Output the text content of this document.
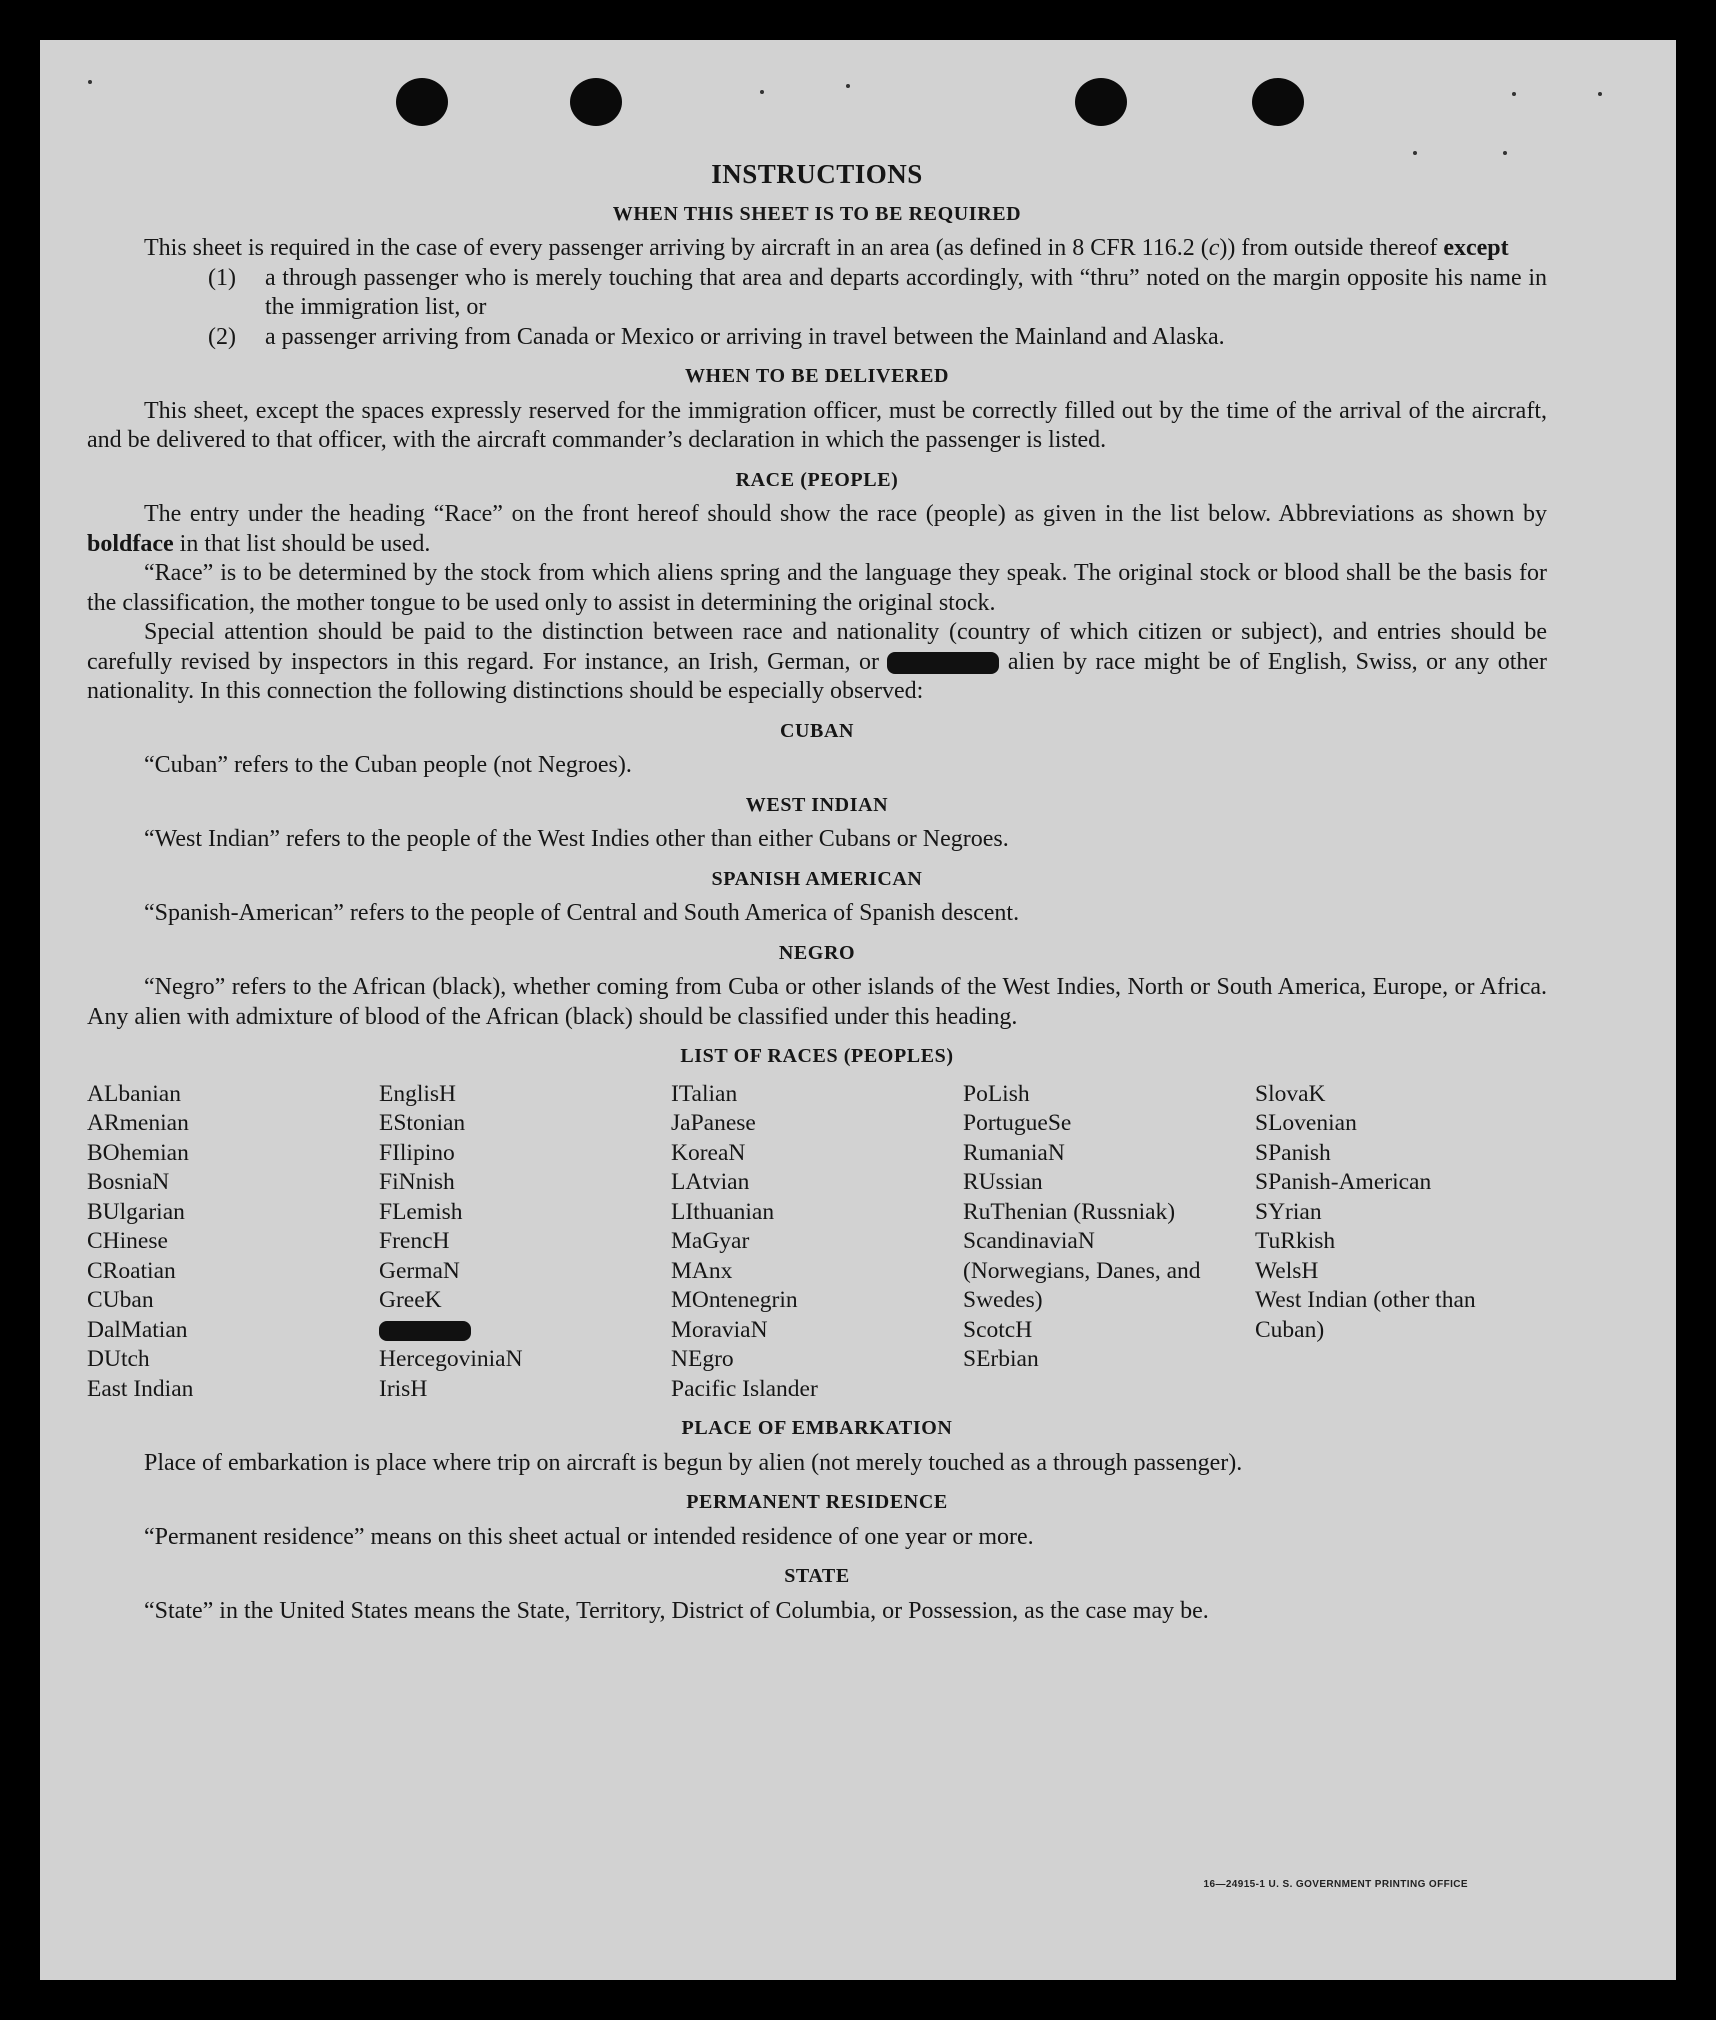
INSTRUCTIONS
WHEN THIS SHEET IS TO BE REQUIRED

This sheet is required in the case of every passenger arriving by aircraft in an area (as defined in 8 CFR 116.2 (c)) from outside thereof except

(1)	a through passenger who is merely touching that area and departs accordingly, with “thru” noted on the margin opposite his name in the immigration list, or
(2)	a passenger arriving from Canada or Mexico or arriving in travel between the Mainland and Alaska.
WHEN TO BE DELIVERED

This sheet, except the spaces expressly reserved for the immigration officer, must be correctly filled out by the time of the arrival of the aircraft, and be delivered to that officer, with the aircraft commander’s declaration in which the passenger is listed.

RACE (PEOPLE)

The entry under the heading “Race” on the front hereof should show the race (people) as given in the list below. Abbreviations as shown by boldface in that list should be used.

“Race” is to be determined by the stock from which aliens spring and the language they speak. The original stock or blood shall be the basis for the classification, the mother tongue to be used only to assist in determining the original stock.

Special attention should be paid to the distinction between race and nationality (country of which citizen or subject), and entries should be carefully revised by inspectors in this regard. For instance, an Irish, German, or	alien by race might be of English, Swiss, or any other nationality. In this connection the following distinctions should be especially observed:

CUBAN

“Cuban” refers to the Cuban people (not Negroes).

WEST INDIAN

“West Indian” refers to the people of the West Indies other than either Cubans or Negroes.

SPANISH AMERICAN

“Spanish-American” refers to the people of Central and South America of Spanish descent.

NEGRO

“Negro” refers to the African (black), whether coming from Cuba or other islands of the West Indies, North or South America, Europe, or Africa. Any alien with admixture of blood of the African (black) should be classified under this heading.

LIST OF RACES (PEOPLES)
ALbanian
ARmenian
BOhemian
BosniaN
BUlgarian
CHinese
CRoatian
CUban
DalMatian
DUtch
East Indian
EnglisH
EStonian
FIlipino
FiNnish
FLemish
FrencH
GermaN
GreeK
HercegoviniaN
IrisH
ITalian
JaPanese
KoreaN
LAtvian
LIthuanian
MaGyar
MAnx
MOntenegrin
MoraviaN
NEgro
Pacific Islander
PoLish
PortugueSe
RumaniaN
RUssian
RuThenian (Russniak)
ScandinaviaN (Norwegians, Danes, and Swedes)
ScotcH
SErbian
SlovaK
SLovenian
SPanish
SPanish-American
SYrian
TuRkish
WelsH
West Indian (other than Cuban)
PLACE OF EMBARKATION

Place of embarkation is place where trip on aircraft is begun by alien (not merely touched as a through passenger).

PERMANENT RESIDENCE

“Permanent residence” means on this sheet actual or intended residence of one year or more.

STATE

“State” in the United States means the State, Territory, District of Columbia, or Possession, as the case may be.

16—24915-1 U. S. GOVERNMENT PRINTING OFFICE
